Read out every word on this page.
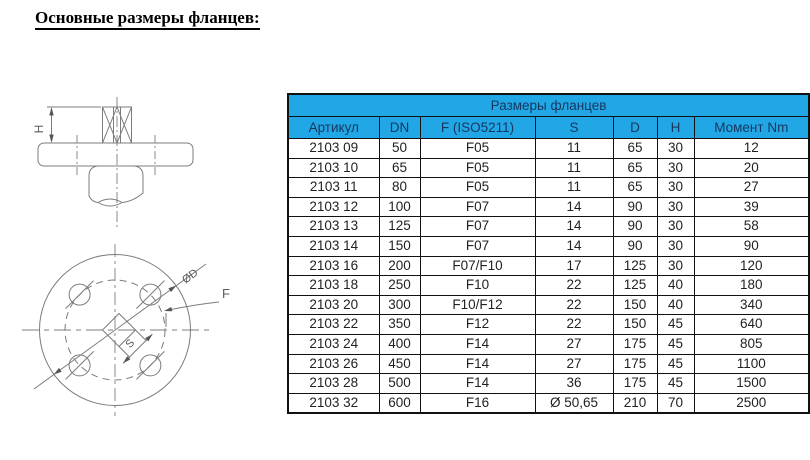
Основные размеры фланцев:
H
ØD
F
S
Размеры фланцев						
Артикул	DN	F (ISO5211)	S	D	H	Момент Nm
2103 09	50	F05	11	65	30	12
2103 10	65	F05	11	65	30	20
2103 11	80	F05	11	65	30	27
2103 12	100	F07	14	90	30	39
2103 13	125	F07	14	90	30	58
2103 14	150	F07	14	90	30	90
2103 16	200	F07/F10	17	125	30	120
2103 18	250	F10	22	125	40	180
2103 20	300	F10/F12	22	150	40	340
2103 22	350	F12	22	150	45	640
2103 24	400	F14	27	175	45	805
2103 26	450	F14	27	175	45	1100
2103 28	500	F14	36	175	45	1500
2103 32	600	F16	Ø 50,65	210	70	2500
